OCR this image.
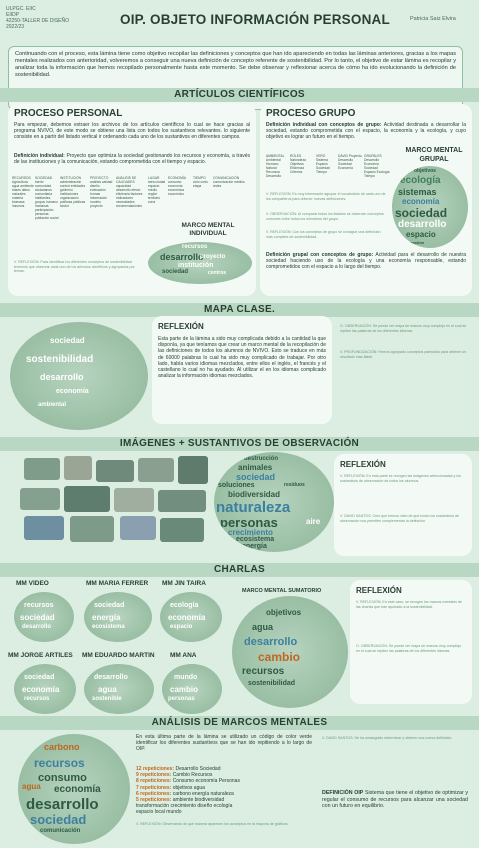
ULPGC. EIIC
EIIDP
42250-TALLER DE DISEÑO
2022/23	OIP. OBJETO INFORMACIÓN PERSONAL	Patricia Saiz Elvira
Continuando con el proceso, esta lámina tiene como objetivo recopilar las definiciones y conceptos que han ido apareciendo en todas las láminas anteriores, gracias a los mapas mentales realizados con anterioridad, volveremos a conseguir una nueva definición de concepto referente de sostenibilidad. Por lo tanto, el objetivo de estar lámina es recopilar y analizar toda la información que hemos recopilado personalmente hasta este momento. Se debe observar y reflexionar acerca de cómo ha ido evolucionando la definición de sostenibilidad.
ARTÍCULOS CIENTÍFICOS
PROCESO PERSONAL
Para empezar, debemos extraer los archivos de los artículos científicos lo cual se hace gracias al programa NVIVO, de este modo se obtiene una lista con todos los sustantivos relevantes. lo siguiente consiste en a partir del listado vertical ir ordenando cada uno de los sustantivos en diferentes campos.
Definición individual: Proyecto que optimiza la sociedad gestionando los recursos y economía, a través de las instituciones y la comunicación, estando comprometida con el tiempo y espacio.
RECURSOS Agricultura agua ambiente bases datos naturales materia biomasa insumos
SOCIEDAD barrio comunidad ciudadanos comunitaria habitantes grupos humano humanas participación personas población social
INSTITUCIÓN administración control entidades gobierno instituciones organización políticas públicas sector
PROYECTO análisis calidad diseño evaluación formas información modelo proyecto
ANÁLISIS DE CALIDADES capacidad desarrollo efecto eficiencia factores indicadores necesidades recomendaciones
LUGAR área ciudad espacio medio región territorio zona
ECONOMÍA consumo economía económica económico
TIEMPO ciclo corto etapa
COMUNICACIÓN comunicación medios redes
MARCO MENTAL INDIVIDUAL
recursos
desarrollo
proyecto
institución
sociedad	centros
V. REFLEXIÓN: Para identificar los diferentes conceptos de sostenibilidad tenemos que observar cada uno de los artículos científicos y agruparlos por temas.
PROCESO GRUPO
Definición individual con conceptos de grupo: Actividad destinada a desarrollar la sociedad, estando comprometida con el espacio, la economía y la ecología, y cuyo objetivo es lograr un futuro en el tiempo.
AMBIENTAL Ambiental Humano Natural Recursos Desarrollo
ROLES Naturaleza Objetivos Eficiencia Criterios
VERO Sistema Espacio Sociedad Tiempo
DAVID Proyecto Desarrollo Sociedad Economía
GRUPALES Desarrollo Economía Sociedad Espacio Ecología Tiempo
MARCO MENTAL GRUPAL
objetivos
ecología
sistemas
economía
sociedad
desarrollo
espacio
gestión
V. REFLEXIÓN: Es muy interesante agrupar el vocabulario de cada uno de los compañeros para obtener nuevas definiciones.
V. OBSERVACIÓN: Al comparar todos los listados se observan conceptos comunes entre todos los miembros del grupo.
V. REFLEXIÓN: Con los conceptos de grupo se consigue una definición más completa de sostenibilidad.
Definición grupal con conceptos de grupo: Actividad para el desarrollo de nuestra sociedad haciendo uso de la ecología y una economía responsable, estando comprometidos con el espacio a lo largo del tiempo.
MAPA CLASE.
sociedad
sostenibilidad
desarrollo
economía
ambiental
REFLEXIÓN
Esta parte de la lámina a sido muy complicada debido a la cantidad la que disponía, ya que teníamos que crear un marco mental de la recopilación de las definiciones de todos los alumnos de NVIVO. Esto se traduce en más de 60000 palabras lo cual ha sido muy complicado de trabajar. Por otro lado, había varios idiomas mezclados, entre ellos el inglés, el francés y el castellano lo cual no ha ayudado. Al utilizar el en los idiomas complicado analizar la información idiomas mezclados.
O. OBSERVACIÓN: Se puede ver mapa de marcos muy complejo en el cual se repiten las palabras de los diferentes idiomas.
V. PROFUNDIZACIÓN: Hemos agrupado conceptos parecidos para obtener un resultado más fiable.
IMÁGENES + SUSTANTIVOS DE OBSERVACIÓN
destrucción
animales
sociedad
soluciones	residuos
biodiversidad
naturaleza
personas	aire
crecimiento
ecosistema
energía
REFLEXIÓN
V. REFLEXIÓN: En esta parte se recogen las imágenes seleccionadas y los sustantivos de observación de todos los alumnos.
V. DAVID SANTOS: Creo que hemos visto de qué modo los sustantivos de observación nos permiten complementar la definición.
CHARLAS
MM VIDEO	MM MARIA FERRER MM JIN TAIRA
recursos
sociedad
desarrollo
sociedad
energía
ecosistema
ecología
economía
espacio
MM JORGE ARTILES MM EDUARDO MARTIN MM ANA
sociedad
economía
recursos
desarrollo
agua
sostenible
mundo
cambio
personas
MARCO MENTAL SUMATORIO
objetivos
agua
desarrollo
cambio
recursos
sostenibilidad
REFLEXIÓN
V. REFLEXIÓN: En este caso, se recogen los marcos mentales de las charlas que han aportado a la sostenibilidad.
O. OBSERVACIÓN: Se puede ver mapa de marcos muy complejo en el cual se repiten las palabras de los diferentes idiomas.
ANÁLISIS DE MARCOS MENTALES
carbono
recursos
consumo
agua economía
desarrollo
sociedad
comunicación
En esta última parte de la lámina se utilizado un código de color verde identificar los diferentes sustantivos que se han ido repitiendo a lo largo de OIP.
12 repeticiones: Desarrollo Sociedad
9 repeticiones: Cambio Recursos
8 repeticiones: Consumo economía Personas
7 repeticiones: objetivos agua
6 repeticiones: carbono energía naturaleza
5 repeticiones: ambiente biodiversidad
transformación crecimiento diseño ecología
espacio local mundo
V. REFLEXIÓN: Observando de qué manera aparecen los conceptos en la mayoría de gráficos.
V. DAVID SANTOS: Se ha conseguido determinar y obtener una nueva definición.
DEFINICIÓN OIP Sistema que tiene el objetivo de optimizar y regular el consumo de recursos para alcanzar una sociedad con un futuro en equilibrio.
